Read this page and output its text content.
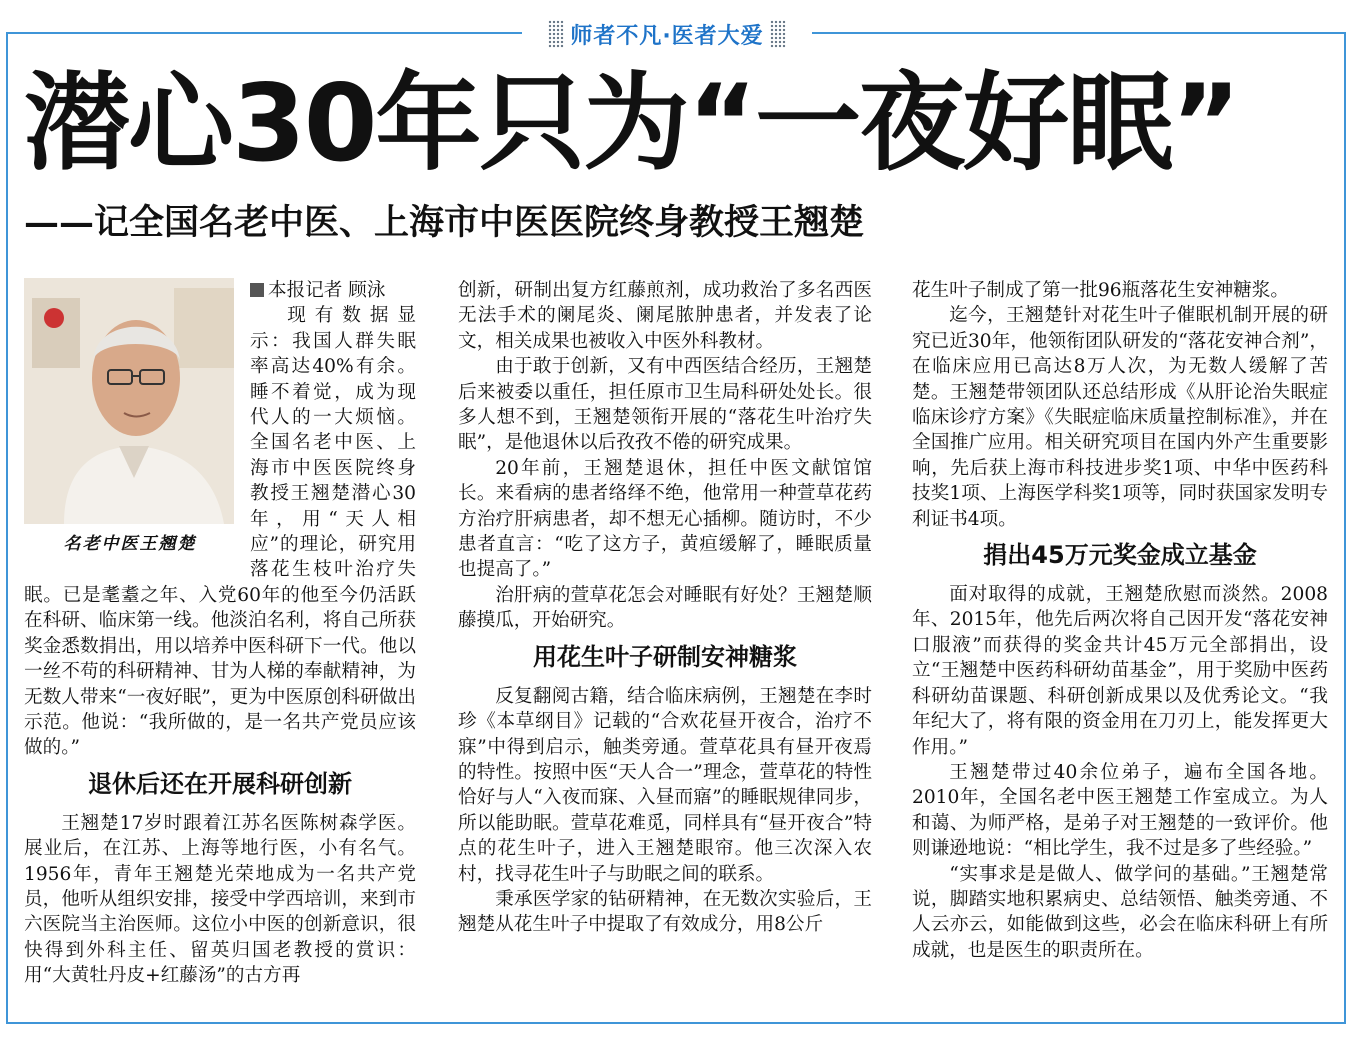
师者不凡·医者大爱
潜心30年只为“一夜好眠”
——记全国名老中医、上海市中医医院终身教授王翘楚
名老中医王翘楚

本报记者 顾泳

现有数据显示：我国人群失眠率高达40%有余。睡不着觉，成为现代人的一大烦恼。全国名老中医、上海市中医医院终身教授王翘楚潜心30年，用“天人相应”的理论，研究用落花生枝叶治疗失眠。已是耄耋之年、入党60年的他至今仍活跃在科研、临床第一线。他淡泊名利，将自己所获奖金悉数捐出，用以培养中医科研下一代。他以一丝不苟的科研精神、甘为人梯的奉献精神，为无数人带来“一夜好眠”，更为中医原创科研做出示范。他说：“我所做的，是一名共产党员应该做的。”

退休后还在开展科研创新

王翘楚17岁时跟着江苏名医陈树森学医。展业后，在江苏、上海等地行医，小有名气。1956年，青年王翘楚光荣地成为一名共产党员，他听从组织安排，接受中学西培训，来到市六医院当主治医师。这位小中医的创新意识，很快得到外科主任、留英归国老教授的赏识：用“大黄牡丹皮+红藤汤”的古方再

创新，研制出复方红藤煎剂，成功救治了多名西医无法手术的阑尾炎、阑尾脓肿患者，并发表了论文，相关成果也被收入中医外科教材。

由于敢于创新，又有中西医结合经历，王翘楚后来被委以重任，担任原市卫生局科研处处长。很多人想不到，王翘楚领衔开展的“落花生叶治疗失眠”，是他退休以后孜孜不倦的研究成果。

20年前，王翘楚退休，担任中医文献馆馆长。来看病的患者络绎不绝，他常用一种萱草花药方治疗肝病患者，却不想无心插柳。随访时，不少患者直言：“吃了这方子，黄疸缓解了，睡眠质量也提高了。”

治肝病的萱草花怎会对睡眠有好处？王翘楚顺藤摸瓜，开始研究。

用花生叶子研制安神糖浆

反复翻阅古籍，结合临床病例，王翘楚在李时珍《本草纲目》记载的“合欢花昼开夜合，治疗不寐”中得到启示，触类旁通。萱草花具有昼开夜焉的特性。按照中医“天人合一”理念，萱草花的特性恰好与人“入夜而寐、入昼而寤”的睡眠规律同步，所以能助眠。萱草花难觅，同样具有“昼开夜合”特点的花生叶子，进入王翘楚眼帘。他三次深入农村，找寻花生叶子与助眠之间的联系。

秉承医学家的钻研精神，在无数次实验后，王翘楚从花生叶子中提取了有效成分，用8公斤

花生叶子制成了第一批96瓶落花生安神糖浆。

迄今，王翘楚针对花生叶子催眠机制开展的研究已近30年，他领衔团队研发的“落花安神合剂”，在临床应用已高达8万人次，为无数人缓解了苦楚。王翘楚带领团队还总结形成《从肝论治失眠症临床诊疗方案》《失眠症临床质量控制标准》，并在全国推广应用。相关研究项目在国内外产生重要影响，先后获上海市科技进步奖1项、中华中医药科技奖1项、上海医学科奖1项等，同时获国家发明专利证书4项。

捐出45万元奖金成立基金

面对取得的成就，王翘楚欣慰而淡然。2008年、2015年，他先后两次将自己因开发“落花安神口服液”而获得的奖金共计45万元全部捐出，设立“王翘楚中医药科研幼苗基金”，用于奖励中医药科研幼苗课题、科研创新成果以及优秀论文。“我年纪大了，将有限的资金用在刀刃上，能发挥更大作用。”

王翘楚带过40余位弟子，遍布全国各地。2010年，全国名老中医王翘楚工作室成立。为人和蔼、为师严格，是弟子对王翘楚的一致评价。他则谦逊地说：“相比学生，我不过是多了些经验。”

“实事求是是做人、做学问的基础。”王翘楚常说，脚踏实地积累病史、总结领悟、触类旁通、不人云亦云，如能做到这些，必会在临床科研上有所成就，也是医生的职责所在。
